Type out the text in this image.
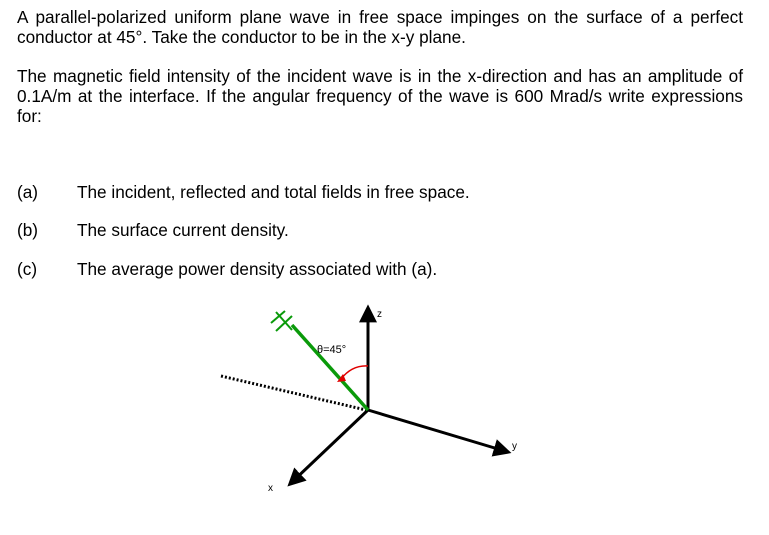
A parallel-polarized uniform plane wave in free space impinges on the surface of a perfect conductor at 45°. Take the conductor to be in the x-y plane.

The magnetic field intensity of the incident wave is in the x-direction and has an amplitude of 0.1A/m at the interface. If the angular frequency of the wave is 600 Mrad/s write expressions for:

(a) The incident, reflected and total fields in free space.
(b) The surface current density.
(c) The average power density associated with (a).
θ=45°
z
y
x
